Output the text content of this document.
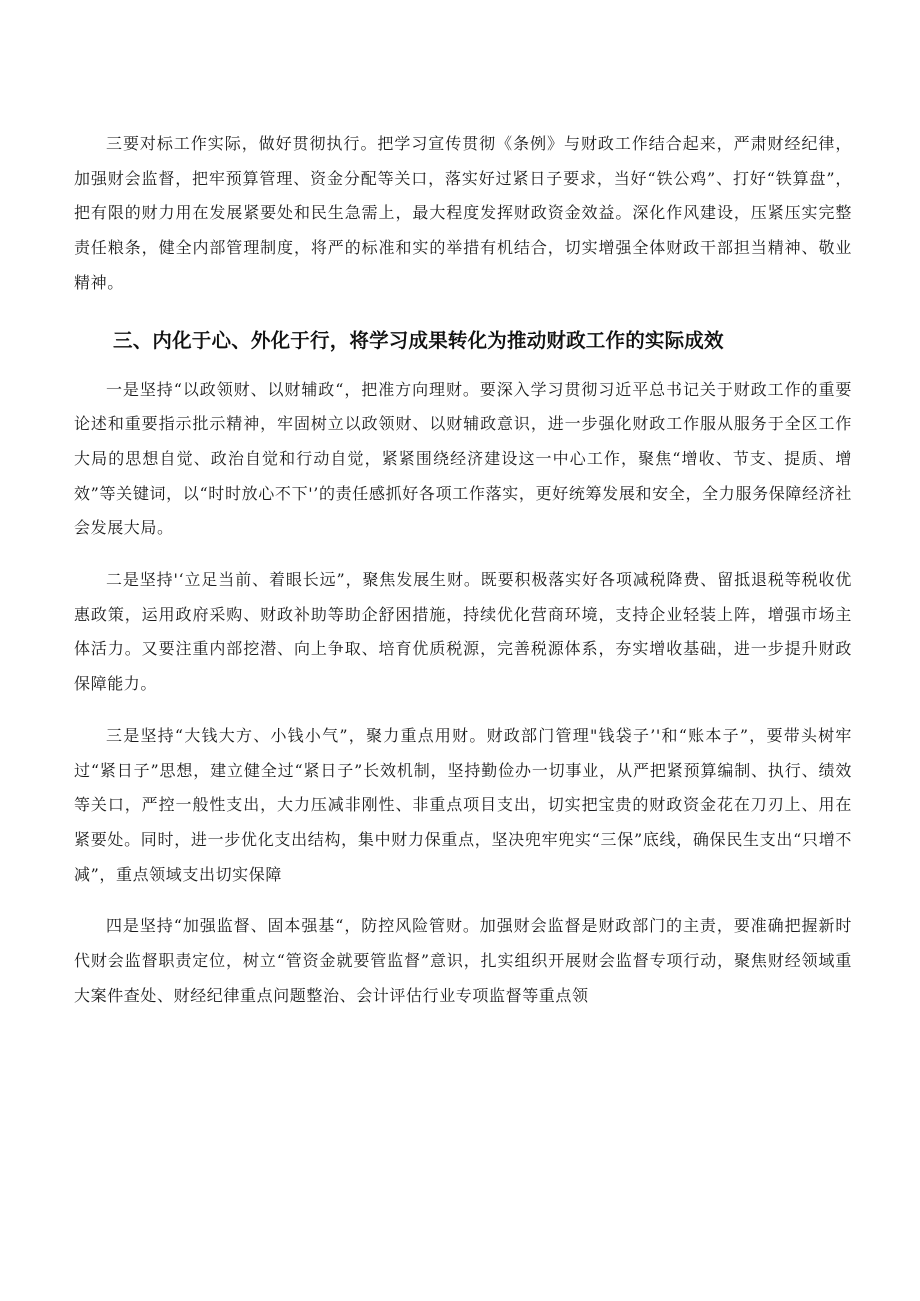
三要对标工作实际，做好贯彻执行。把学习宣传贯彻《条例》与财政工作结合起来，严肃财经纪律，加强财会监督，把牢预算管理、资金分配等关口，落实好过紧日子要求，当好“铁公鸡”、打好“铁算盘”，把有限的财力用在发展紧要处和民生急需上，最大程度发挥财政资金效益。深化作风建设，压紧压实完整责任粮条，健全内部管理制度，将严的标准和实的举措有机结合，切实增强全体财政干部担当精神、敬业精神。

三、内化于心、外化于行，将学习成果转化为推动财政工作的实际成效

一是坚持“以政领财、以财辅政“，把准方向理财。要深入学习贯彻习近平总书记关于财政工作的重要论述和重要指示批示精神，牢固树立以政领财、以财辅政意识，进一步强化财政工作服从服务于全区工作大局的思想自觉、政治自觉和行动自觉，紧紧围绕经济建设这一中心工作，聚焦“增收、节支、提质、增效”等关键词，以“时时放心不下'’的责任感抓好各项工作落实，更好统筹发展和安全，全力服务保障经济社会发展大局。

二是坚持'‘立足当前、着眼长远”，聚焦发展生财。既要积极落实好各项减税降费、留抵退税等税收优惠政策，运用政府采购、财政补助等助企舒困措施，持续优化营商环境，支持企业轻装上阵，增强市场主体活力。又要注重内部挖潜、向上争取、培育优质税源，完善税源体系，夯实增收基础，进一步提升财政保障能力。

三是坚持“大钱大方、小钱小气”，聚力重点用财。财政部门管理"钱袋子’'和“账本子”，要带头树牢过“紧日子”思想，建立健全过“紧日子”长效机制，坚持勤俭办一切事业，从严把紧预算编制、执行、绩效等关口，严控一般性支出，大力压减非刚性、非重点项目支出，切实把宝贵的财政资金花在刀刃上、用在紧要处。同时，进一步优化支出结构，集中财力保重点，坚决兜牢兜实“三保”底线，确保民生支出“只增不减”，重点领域支出切实保障

四是坚持“加强监督、固本强基“，防控风险管财。加强财会监督是财政部门的主责，要准确把握新时代财会监督职责定位，树立“管资金就要管监督”意识，扎实组织开展财会监督专项行动，聚焦财经领域重大案件查处、财经纪律重点问题整治、会计评估行业专项监督等重点领
